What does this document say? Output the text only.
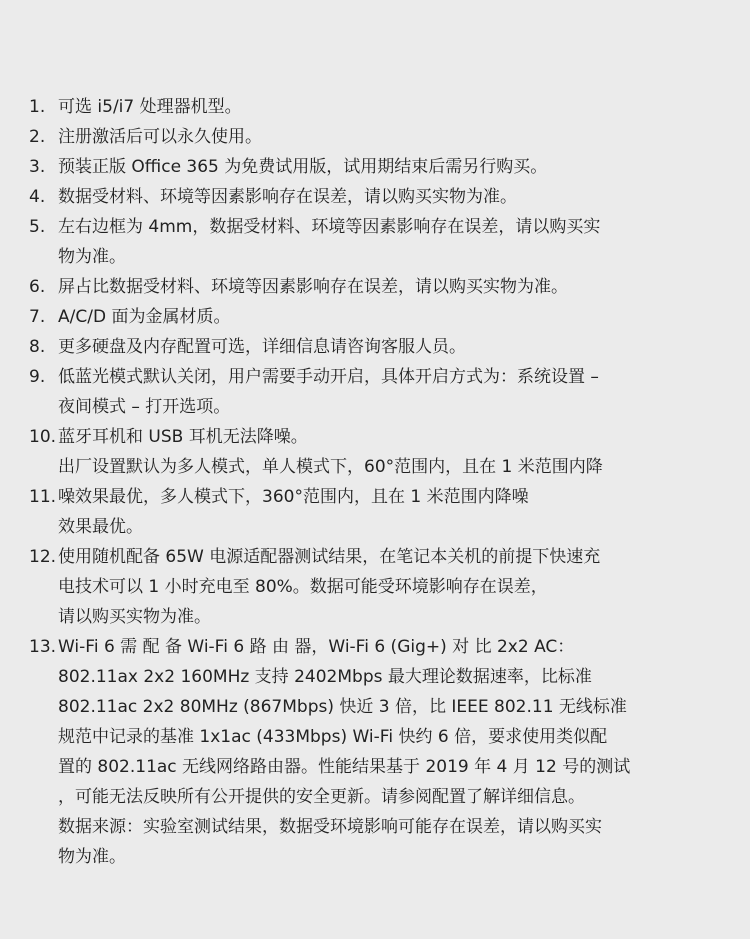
1. 可选 i5/i7 处理器机型。
2. 注册激活后可以永久使用。
3. 预装正版 Office 365 为免费试用版，试用期结束后需另行购买。
4. 数据受材料、环境等因素影响存在误差，请以购买实物为准。
5. 左右边框为 4mm，数据受材料、环境等因素影响存在误差，请以购买实
物为准。
6. 屏占比数据受材料、环境等因素影响存在误差，请以购买实物为准。
7. A/C/D 面为金属材质。
8. 更多硬盘及内存配置可选，详细信息请咨询客服人员。
9. 低蓝光模式默认关闭，用户需要手动开启，具体开启方式为：系统设置 –
夜间模式 – 打开选项。
10. 蓝牙耳机和 USB 耳机无法降噪。
出厂设置默认为多人模式，单人模式下，60°范围内，且在 1 米范围内降
11. 噪效果最优，多人模式下，360°范围内，且在 1 米范围内降噪
效果最优。
12. 使用随机配备 65W 电源适配器测试结果，在笔记本关机的前提下快速充
电技术可以 1 小时充电至 80%。数据可能受环境影响存在误差，
请以购买实物为准。
13. Wi-Fi 6 需 配 备 Wi-Fi 6 路 由 器，Wi-Fi 6 (Gig+) 对 比 2x2 AC：
802.11ax 2x2 160MHz 支持 2402Mbps 最大理论数据速率，比标准
802.11ac 2x2 80MHz (867Mbps) 快近 3 倍，比 IEEE 802.11 无线标准
规范中记录的基准 1x1ac (433Mbps) Wi-Fi 快约 6 倍，要求使用类似配
置的 802.11ac 无线网络路由器。性能结果基于 2019 年 4 月 12 号的测试
，可能无法反映所有公开提供的安全更新。请参阅配置了解详细信息。
数据来源：实验室测试结果，数据受环境影响可能存在误差，请以购买实
物为准。
